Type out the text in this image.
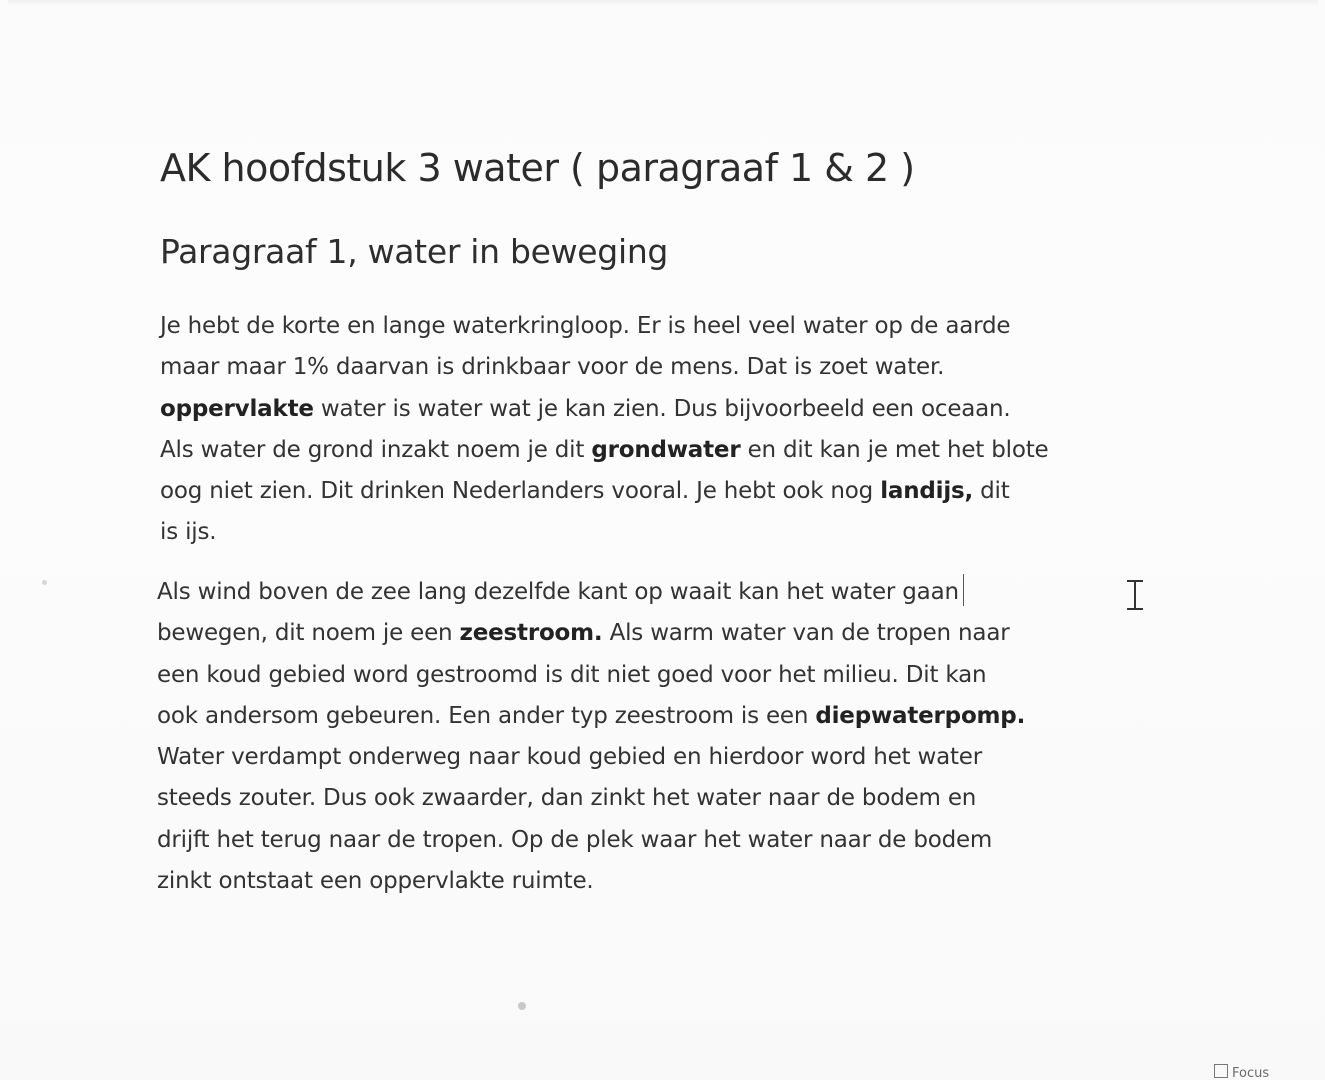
AK hoofdstuk 3 water ( paragraaf 1 & 2 )
Paragraaf 1, water in beweging

Je hebt de korte en lange waterkringloop. Er is heel veel water op de aarde
maar maar 1% daarvan is drinkbaar voor de mens. Dat is zoet water.
oppervlakte water is water wat je kan zien. Dus bijvoorbeeld een oceaan.
Als water de grond inzakt noem je dit grondwater en dit kan je met het blote
oog niet zien. Dit drinken Nederlanders vooral. Je hebt ook nog landijs, dit
is ijs.

Als wind boven de zee lang dezelfde kant op waait kan het water gaan
bewegen, dit noem je een zeestroom. Als warm water van de tropen naar
een koud gebied word gestroomd is dit niet goed voor het milieu. Dit kan
ook andersom gebeuren. Een ander typ zeestroom is een diepwaterpomp.
Water verdampt onderweg naar koud gebied en hierdoor word het water
steeds zouter. Dus ook zwaarder, dan zinkt het water naar de bodem en
drijft het terug naar de tropen. Op de plek waar het water naar de bodem
zinkt ontstaat een oppervlakte ruimte.

Focus
